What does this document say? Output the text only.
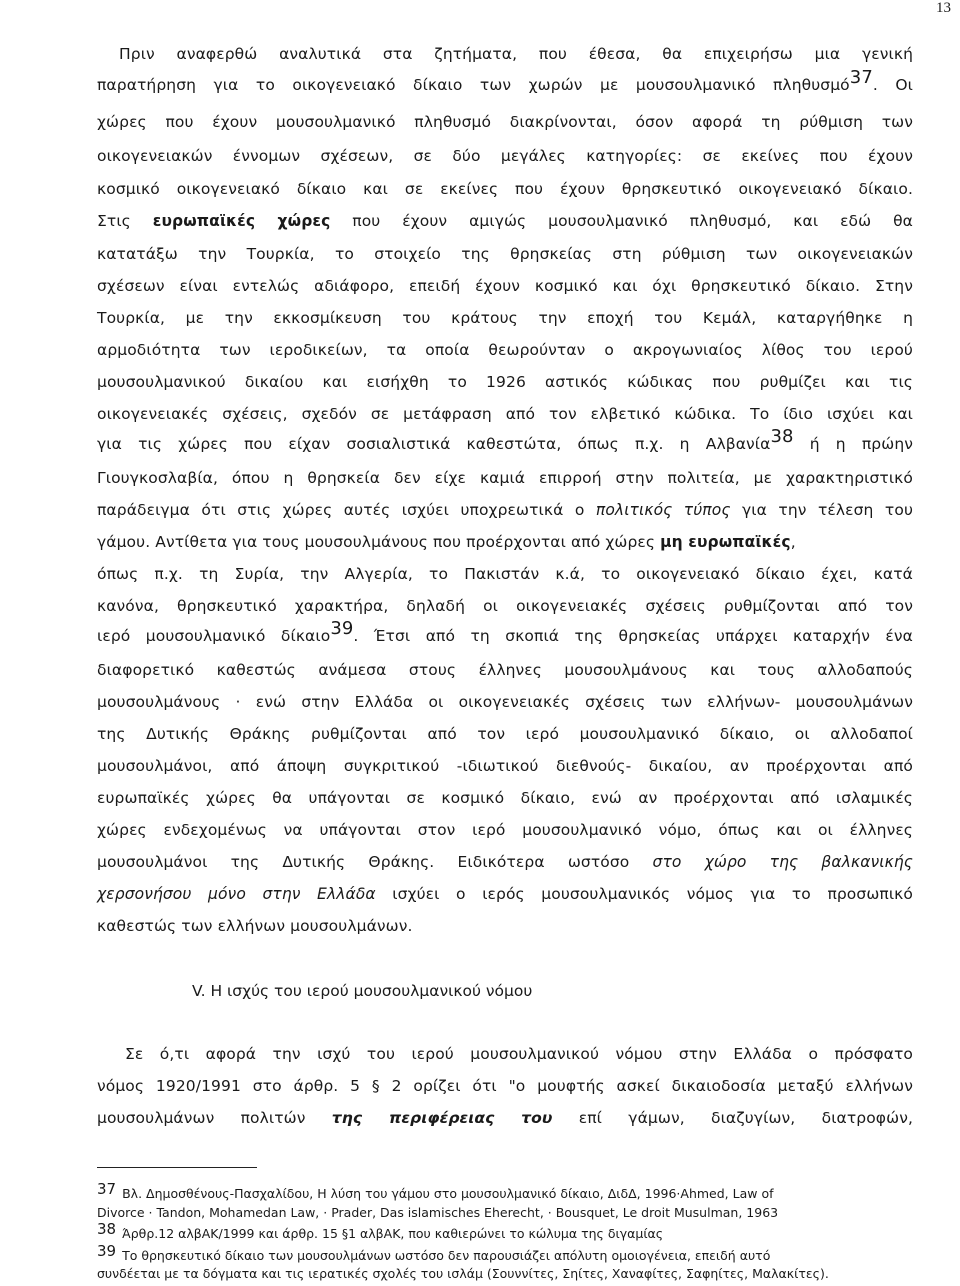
13
Πριν αναφερθώ αναλυτικά στα ζητήματα, που έθεσα, θα επιχειρήσω μια γενική
παρατήρηση για το οικογενειακό δίκαιο των χωρών με μουσουλμανικό πληθυσμό37. Οι
χώρες που έχουν μουσουλμανικό πληθυσμό διακρίνονται, όσον αφορά τη ρύθμιση των
οικογενειακών έννομων σχέσεων, σε δύο μεγάλες κατηγορίες: σε εκείνες που έχουν
κοσμικό οικογενειακό δίκαιο και σε εκείνες που έχουν θρησκευτικό οικογενειακό δίκαιο.
Στις ευρωπαϊκές χώρες που έχουν αμιγώς μουσουλμανικό πληθυσμό, και εδώ θα
κατατάξω την Τουρκία, το στοιχείο της θρησκείας στη ρύθμιση των οικογενειακών
σχέσεων είναι εντελώς αδιάφορο, επειδή έχουν κοσμικό και όχι θρησκευτικό δίκαιο. Στην
Τουρκία, με την εκκοσμίκευση του κράτους την εποχή του Κεμάλ, καταργήθηκε η
αρμοδιότητα των ιεροδικείων, τα οποία θεωρούνταν ο ακρογωνιαίος λίθος του ιερού
μουσουλμανικού δικαίου και εισήχθη το 1926 αστικός κώδικας που ρυθμίζει και τις
οικογενειακές σχέσεις, σχεδόν σε μετάφραση από τον ελβετικό κώδικα. Το ίδιο ισχύει και
για τις χώρες που είχαν σοσιαλιστικά καθεστώτα, όπως π.χ. η Αλβανία38 ή η πρώην
Γιουγκοσλαβία, όπου η θρησκεία δεν είχε καμιά επιρροή στην πολιτεία, με χαρακτηριστικό
παράδειγμα ότι στις χώρες αυτές ισχύει υποχρεωτικά ο πολιτικός τύπος για την τέλεση του
γάμου. Αντίθετα για τους μουσουλμάνους που προέρχονται από χώρες μη ευρωπαϊκές,
όπως π.χ. τη Συρία, την Αλγερία, το Πακιστάν κ.ά, το οικογενειακό δίκαιο έχει, κατά
κανόνα, θρησκευτικό χαρακτήρα, δηλαδή οι οικογενειακές σχέσεις ρυθμίζονται από τον
ιερό μουσουλμανικό δίκαιο39. Έτσι από τη σκοπιά της θρησκείας υπάρχει καταρχήν ένα
διαφορετικό καθεστώς ανάμεσα στους έλληνες μουσουλμάνους και τους αλλοδαπούς
μουσουλμάνους · ενώ στην Ελλάδα οι οικογενειακές σχέσεις των ελλήνων- μουσουλμάνων
της Δυτικής Θράκης ρυθμίζονται από τον ιερό μουσουλμανικό δίκαιο, οι αλλοδαποί
μουσουλμάνοι, από άποψη συγκριτικού -ιδιωτικού διεθνούς- δικαίου, αν προέρχονται από
ευρωπαϊκές χώρες θα υπάγονται σε κοσμικό δίκαιο, ενώ αν προέρχονται από ισλαμικές
χώρες ενδεχομένως να υπάγονται στον ιερό μουσουλμανικό νόμο, όπως και οι έλληνες
μουσουλμάνοι της Δυτικής Θράκης. Ειδικότερα ωστόσο στο χώρο της βαλκανικής
χερσονήσου μόνο στην Ελλάδα ισχύει ο ιερός μουσουλμανικός νόμος για το προσωπικό
καθεστώς των ελλήνων μουσουλμάνων.
V. Η ισχύς του ιερού μουσουλμανικού νόμου
Σε ό,τι αφορά την ισχύ του ιερού μουσουλμανικού νόμου στην Ελλάδα ο πρόσφατο
νόμος 1920/1991 στο άρθρ. 5 § 2 ορίζει ότι "ο μουφτής ασκεί δικαιοδοσία μεταξύ ελλήνων
μουσουλμάνων πολιτών της περιφέρειας του επί γάμων, διαζυγίων, διατροφών,
37 Βλ. Δημοσθένους-Πασχαλίδου, Η λύση του γάμου στο μουσουλμανικό δίκαιο, ΔιδΔ, 1996·Ahmed, Law of
Divorce · Tandon, Mohamedan Law, · Prader, Das islamisches Eherecht, · Bousquet, Le droit Musulman, 1963
38 Άρθρ.12 αλβΑΚ/1999 και άρθρ. 15 §1 αλβΑΚ, που καθιερώνει το κώλυμα της διγαμίας
39 Το θρησκευτικό δίκαιο των μουσουλμάνων ωστόσο δεν παρουσιάζει απόλυτη ομοιογένεια, επειδή αυτό
συνδέεται με τα δόγματα και τις ιερατικές σχολές του ισλάμ (Σουννίτες, Σηίτες, Χαναφίτες, Σαφηίτες, Μαλακίτες).
